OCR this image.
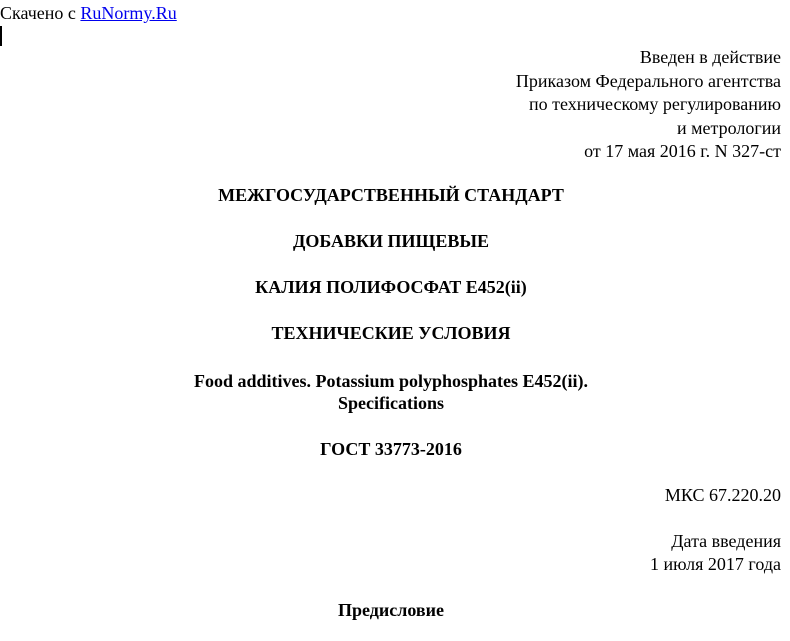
Скачено с RuNormy.Ru
Введен в действие
Приказом Федерального агентства
по техническому регулированию
и метрологии
от 17 мая 2016 г. N 327-ст
МЕЖГОСУДАРСТВЕННЫЙ СТАНДАРТ
ДОБАВКИ ПИЩЕВЫЕ
КАЛИЯ ПОЛИФОСФАТ E452(ii)
ТЕХНИЧЕСКИЕ УСЛОВИЯ
Food additives. Potassium polyphosphates E452(ii).
Specifications
ГОСТ 33773-2016
МКС 67.220.20
Дата введения
1 июля 2017 года
Предисловие
